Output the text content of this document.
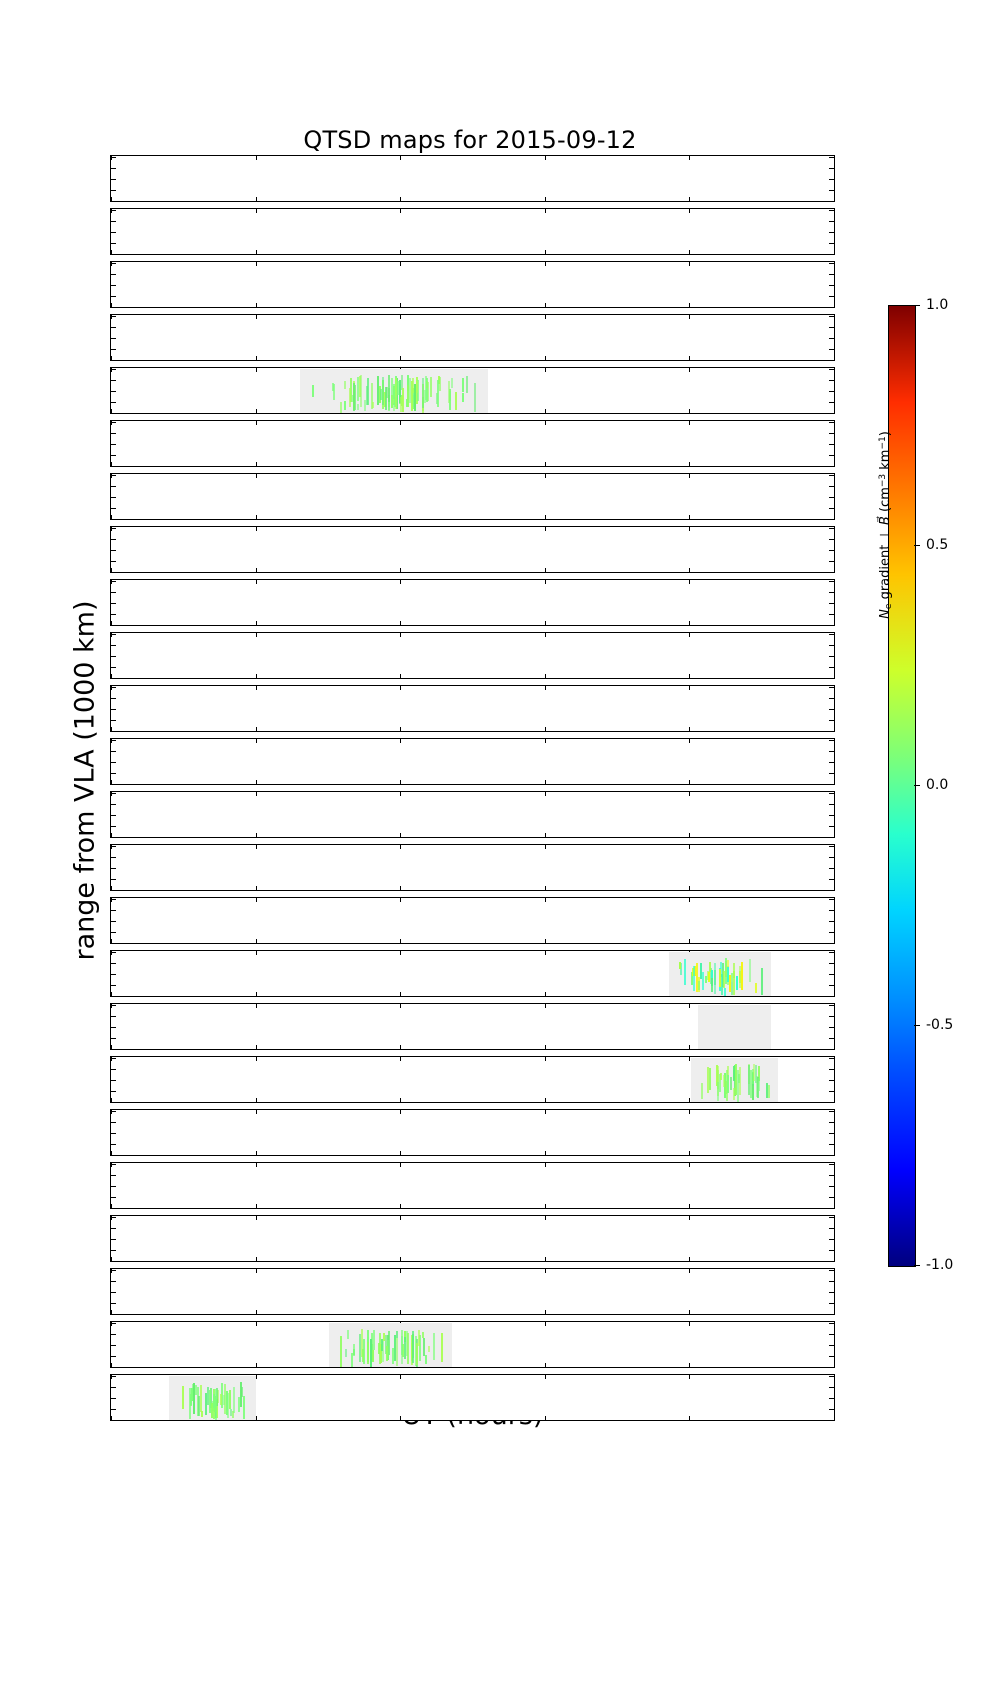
QTSD maps for 2015-09-12
range from VLA (1000 km)
1.0
0.5
0.0
-0.5
-1.0
$N_e$ gradient ⊥ B⃗ ($cm^{-3}$ $km^{-1}$)
